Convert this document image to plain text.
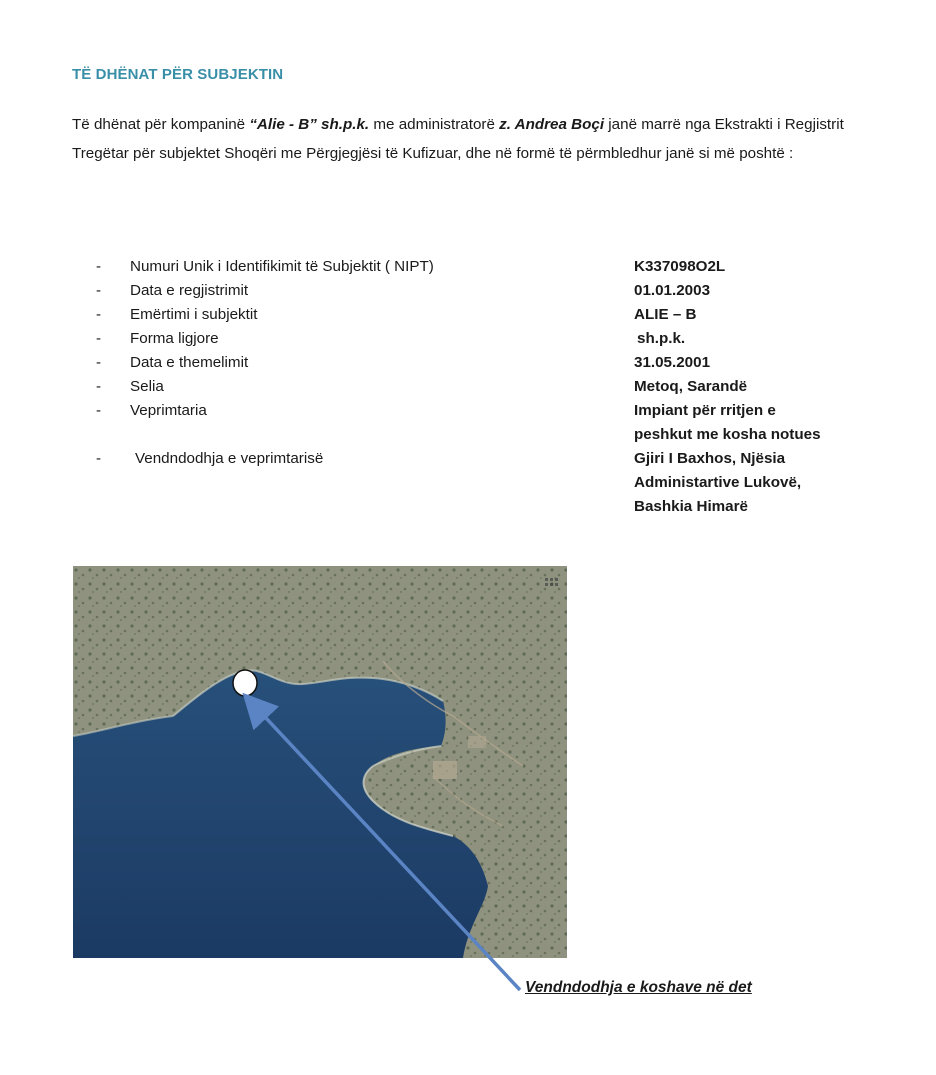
TË DHËNAT PËR SUBJEKTIN
Të dhënat për kompaninë “Alie - B” sh.p.k. me administratorë z. Andrea Boçi janë marrë nga Ekstrakti i Regjistrit Tregëtar për subjektet Shoqëri me Përgjegjësi të Kufizuar, dhe në formë të përmbledhur janë si më poshtë :
-	Numuri Unik i Identifikimit të Subjektit ( NIPT)	K337098O2L
-	Data e regjistrimit	01.01.2003
-	Emërtimi i subjektit	ALIE – B
-	Forma ligjore	sh.p.k.
-	Data e themelimit	31.05.2001
-	Selia	Metoq, Sarandë
-	Veprimtaria	Impiant për rritjen e
peshkut me kosha notues
-	Vendndodhja e veprimtarisë	Gjiri I Baxhos, Njësia
Administartive Lukovë,
Bashkia Himarë
Vendndodhja e koshave në det
